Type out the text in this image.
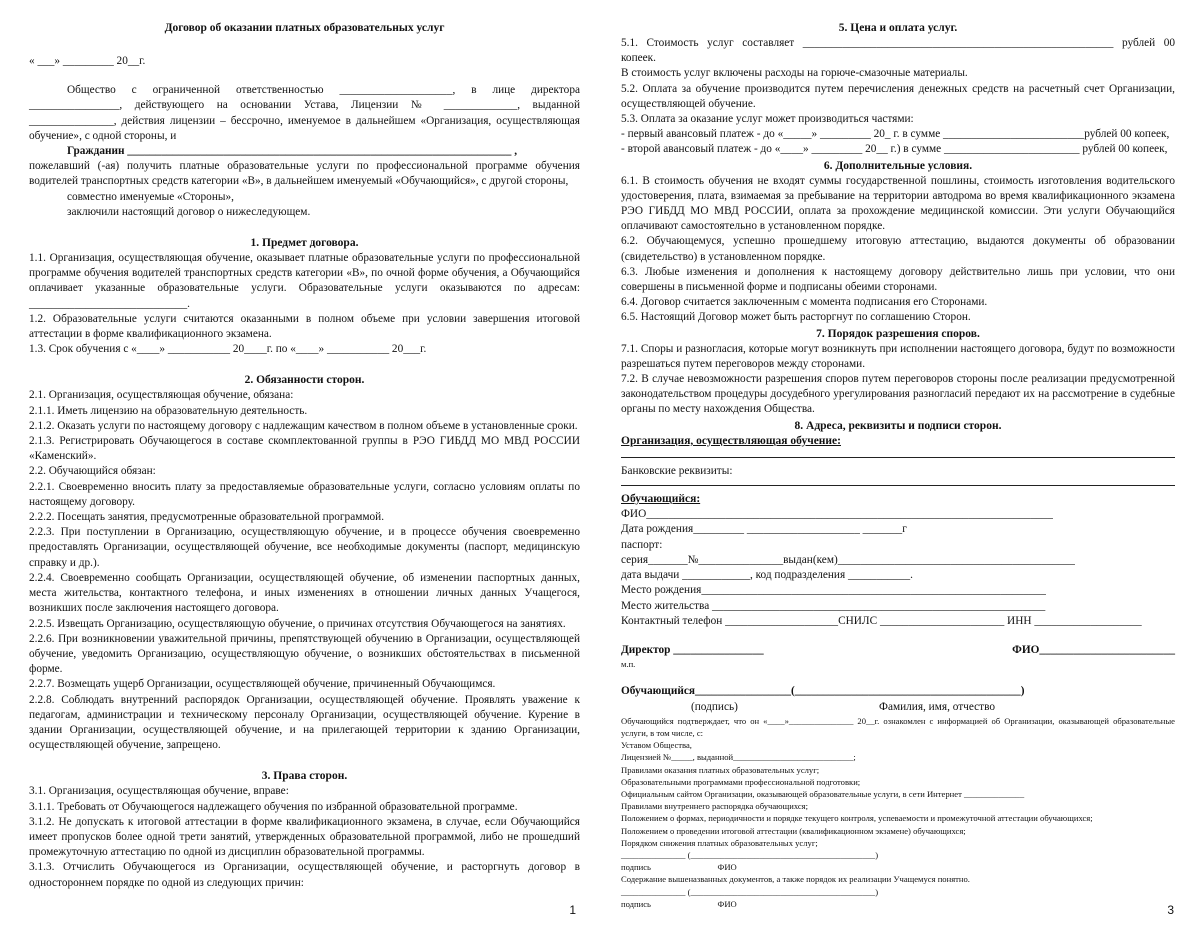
Договор об оказании платных образовательных услуг

« ___» _________ 20__г.

Общество с ограниченной ответственностью ____________________, в лице директора ________________, действующего на основании Устава, Лицензии № _____________, выданной _______________, действия лицензии – бессрочно, именуемое в дальнейшем «Организация, осуществляющая обучение», с одной стороны, и

Гражданин ____________________________________________________________________ ,

пожелавший (-ая) получить платные образовательные услуги по профессиональной программе обучения водителей транспортных средств категории «В», в дальнейшем именуемый «Обучающийся», с другой стороны,

совместно именуемые «Стороны»,

заключили настоящий договор о нижеследующем.

1. Предмет договора.

1.1. Организация, осуществляющая обучение, оказывает платные образовательные услуги по профессиональной программе обучения водителей транспортных средств категории «В», по очной форме обучения, а Обучающийся оплачивает указанные образовательные услуги. Образовательные услуги оказываются по адресам: ____________________________.

1.2. Образовательные услуги считаются оказанными в полном объеме при условии завершения итоговой аттестации в форме квалификационного экзамена.

1.3. Срок обучения с «____» ___________ 20____г. по «____» ___________ 20___г.

2. Обязанности сторон.

2.1. Организация, осуществляющая обучение, обязана:

2.1.1. Иметь лицензию на образовательную деятельность.

2.1.2. Оказать услуги по настоящему договору с надлежащим качеством в полном объеме в установленные сроки.

2.1.3. Регистрировать Обучающегося в составе скомплектованной группы в РЭО ГИБДД МО МВД РОССИИ «Каменский».

2.2. Обучающийся обязан:

2.2.1. Своевременно вносить плату за предоставляемые образовательные услуги, согласно условиям оплаты по настоящему договору.

2.2.2. Посещать занятия, предусмотренные образовательной программой.

2.2.3. При поступлении в Организацию, осуществляющую обучение, и в процессе обучения своевременно предоставлять Организации, осуществляющей обучение, все необходимые документы (паспорт, медицинскую справку и др.).

2.2.4. Своевременно сообщать Организации, осуществляющей обучение, об изменении паспортных данных, места жительства, контактного телефона, и иных изменениях в отношении личных данных Учащегося, возникших после заключения настоящего договора.

2.2.5. Извещать Организацию, осуществляющую обучение, о причинах отсутствия Обучающегося на занятиях.

2.2.6. При возникновении уважительной причины, препятствующей обучению в Организации, осуществляющей обучение, уведомить Организацию, осуществляющую обучение, о возникших обстоятельствах в письменной форме.

2.2.7. Возмещать ущерб Организации, осуществляющей обучение, причиненный Обучающимся.

2.2.8. Соблюдать внутренний распорядок Организации, осуществляющей обучение. Проявлять уважение к педагогам, администрации и техническому персоналу Организации, осуществляющей обучение. Курение в здании Организации, осуществляющей обучение, и на прилегающей территории к зданию Организации, осуществляющей обучение, запрещено.

3. Права сторон.

3.1. Организация, осуществляющая обучение, вправе:

3.1.1. Требовать от Обучающегося надлежащего обучения по избранной образовательной программе.

3.1.2. Не допускать к итоговой аттестации в форме квалификационного экзамена, в случае, если Обучающийся имеет пропусков более одной трети занятий, утвержденных образовательной программой, либо не прошедший промежуточную аттестацию по одной из дисциплин образовательной программы.

3.1.3. Отчислить Обучающегося из Организации, осуществляющей обучение, и расторгнуть договор в одностороннем порядке по одной из следующих причин:

1

5. Цена и оплата услуг.

5.1. Стоимость услуг составляет _______________________________________________________ рублей 00 копеек.

В стоимость услуг включены расходы на горюче-смазочные материалы.

5.2. Оплата за обучение производится путем перечисления денежных средств на расчетный счет Организации, осуществляющей обучение.

5.3. Оплата за оказание услуг может производиться частями:

- первый авансовый платеж - до «_____» _________ 20_ г. в сумме _________________________рублей 00 копеек,

- второй авансовый платеж - до «____» _________ 20__ г.) в сумме ________________________ рублей 00 копеек,

6. Дополнительные условия.

6.1. В стоимость обучения не входят суммы государственной пошлины, стоимость изготовления водительского удостоверения, плата, взимаемая за пребывание на территории автодрома во время квалификационного экзамена РЭО ГИБДД МО МВД РОССИИ, оплата за прохождение медицинской комиссии. Эти услуги Обучающийся оплачивают самостоятельно в установленном порядке.

6.2. Обучающемуся, успешно прошедшему итоговую аттестацию, выдаются документы об образовании (свидетельство) в установленном порядке.

6.3. Любые изменения и дополнения к настоящему договору действительно лишь при условии, что они совершены в письменной форме и подписаны обеими сторонами.

6.4. Договор считается заключенным с момента подписания его Сторонами.

6.5. Настоящий Договор может быть расторгнут по соглашению Сторон.

7. Порядок разрешения споров.

7.1. Споры и разногласия, которые могут возникнуть при исполнении настоящего договора, будут по возможности разрешаться путем переговоров между сторонами.

7.2. В случае невозможности разрешения споров путем переговоров стороны после реализации предусмотренной законодательством процедуры досудебного урегулирования разногласий передают их на рассмотрение в судебные органы по месту нахождения Общества.

8. Адреса, реквизиты и подписи сторон.

Организация, осуществляющая обучение:

Банковские реквизиты:

Обучающийся:

ФИО________________________________________________________________________

Дата рождения_________ ____________________ _______г

паспорт:

серия_______№_______________выдан(кем)__________________________________________

дата выдачи ____________, код подразделения ___________.

Место рождения_____________________________________________________________

Место жительства ___________________________________________________________

Контактный телефон ____________________СНИЛС ______________________ ИНН ___________________

Директор ________________	ФИО________________________

м.п.

Обучающийся_________________(________________________________________)

(подпись)	Фамилия, имя, отчество

Обучающийся подтверждает, что он «____»_______________ 20__г. ознакомлен с информацией об Организации, оказывающей образовательные услуги, в том числе, с:

Уставом Общества,

Лицензией №_____, выданной____________________________;

Правилами оказания платных образовательных услуг;

Образовательными программами профессиональной подготовки;

Официальным сайтом Организации, оказывающей образовательные услуги, в сети Интернет ______________

Правилами внутреннего распорядка обучающихся;

Положением о формах, периодичности и порядке текущего контроля, успеваемости и промежуточной аттестации обучающихся;

Положением о проведении итоговой аттестации (квалификационном экзамене) обучающихся;

Порядком снижения платных образовательных услуг;

_______________ (___________________________________________)

подпись                               ФИО

Содержание вышеназванных документов, а также порядок их реализации Учащемуся понятно.

_______________ (___________________________________________)

подпись                               ФИО	3
